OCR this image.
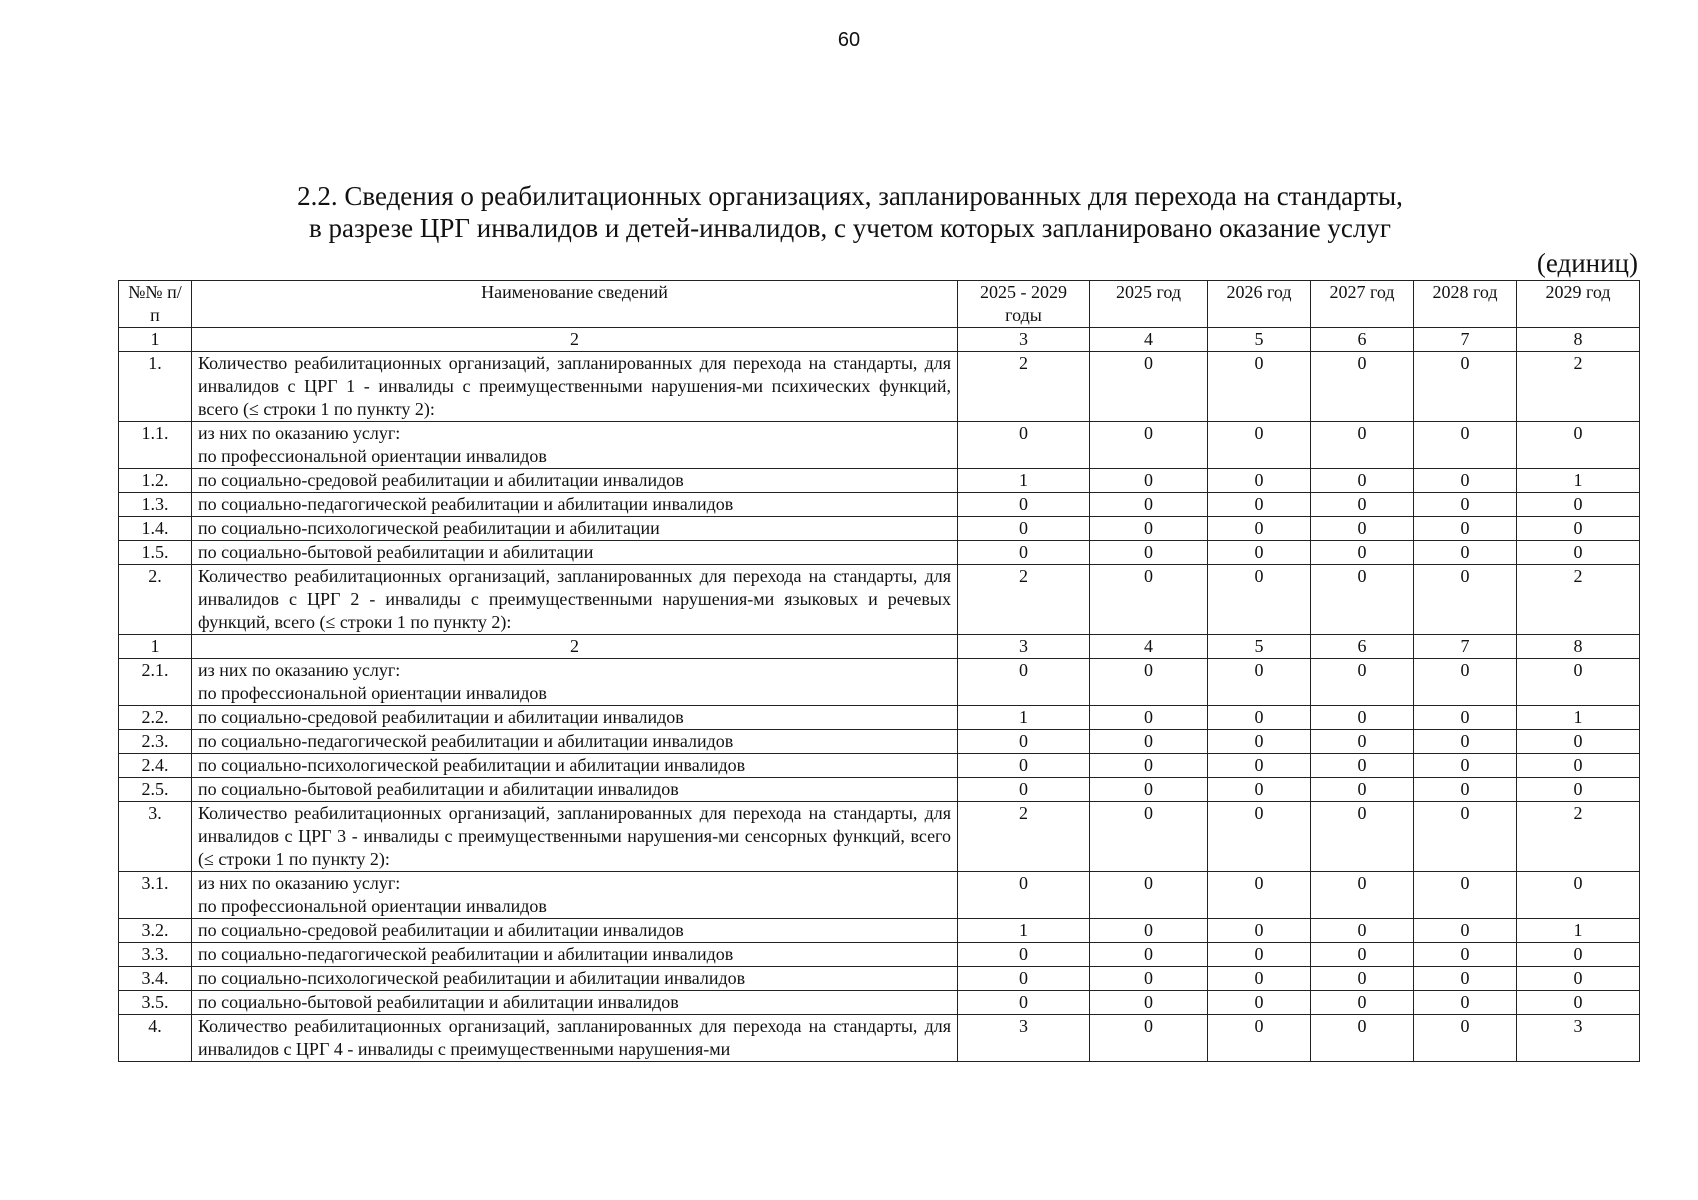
60
2.2. Сведения о реабилитационных организациях, запланированных для перехода на стандарты,
в разрезе ЦРГ инвалидов и детей-инвалидов, с учетом которых запланировано оказание услуг
(единиц)
№№ п/п	Наименование сведений	2025 - 2029 годы	2025 год	2026 год	2027 год	2028 год	2029 год
1	2	3	4	5	6	7	8
1.	Количество реабилитационных организаций, запланированных для перехода на стандарты, для инвалидов с ЦРГ 1 - инвалиды с преимущественными нарушения-ми психических функций, всего (≤ строки 1 по пункту 2):	2	0	0	0	0	2
1.1.	из них по оказанию услуг:
по профессиональной ориентации инвалидов	0	0	0	0	0	0
1.2.	по социально-средовой реабилитации и абилитации инвалидов	1	0	0	0	0	1
1.3.	по социально-педагогической реабилитации и абилитации инвалидов	0	0	0	0	0	0
1.4.	по социально-психологической реабилитации и абилитации	0	0	0	0	0	0
1.5.	по социально-бытовой реабилитации и абилитации	0	0	0	0	0	0
2.	Количество реабилитационных организаций, запланированных для перехода на стандарты, для инвалидов с ЦРГ 2 - инвалиды с преимущественными нарушения-ми языковых и речевых функций, всего (≤ строки 1 по пункту 2):	2	0	0	0	0	2
1	2	3	4	5	6	7	8
2.1.	из них по оказанию услуг:
по профессиональной ориентации инвалидов	0	0	0	0	0	0
2.2.	по социально-средовой реабилитации и абилитации инвалидов	1	0	0	0	0	1
2.3.	по социально-педагогической реабилитации и абилитации инвалидов	0	0	0	0	0	0
2.4.	по социально-психологической реабилитации и абилитации инвалидов	0	0	0	0	0	0
2.5.	по социально-бытовой реабилитации и абилитации инвалидов	0	0	0	0	0	0
3.	Количество реабилитационных организаций, запланированных для перехода на стандарты, для инвалидов с ЦРГ 3 - инвалиды с преимущественными нарушения-ми сенсорных функций, всего (≤ строки 1 по пункту 2):	2	0	0	0	0	2
3.1.	из них по оказанию услуг:
по профессиональной ориентации инвалидов	0	0	0	0	0	0
3.2.	по социально-средовой реабилитации и абилитации инвалидов	1	0	0	0	0	1
3.3.	по социально-педагогической реабилитации и абилитации инвалидов	0	0	0	0	0	0
3.4.	по социально-психологической реабилитации и абилитации инвалидов	0	0	0	0	0	0
3.5.	по социально-бытовой реабилитации и абилитации инвалидов	0	0	0	0	0	0
4.	Количество реабилитационных организаций, запланированных для перехода на стандарты, для инвалидов с ЦРГ 4 - инвалиды с преимущественными нарушения-ми	3	0	0	0	0	3
